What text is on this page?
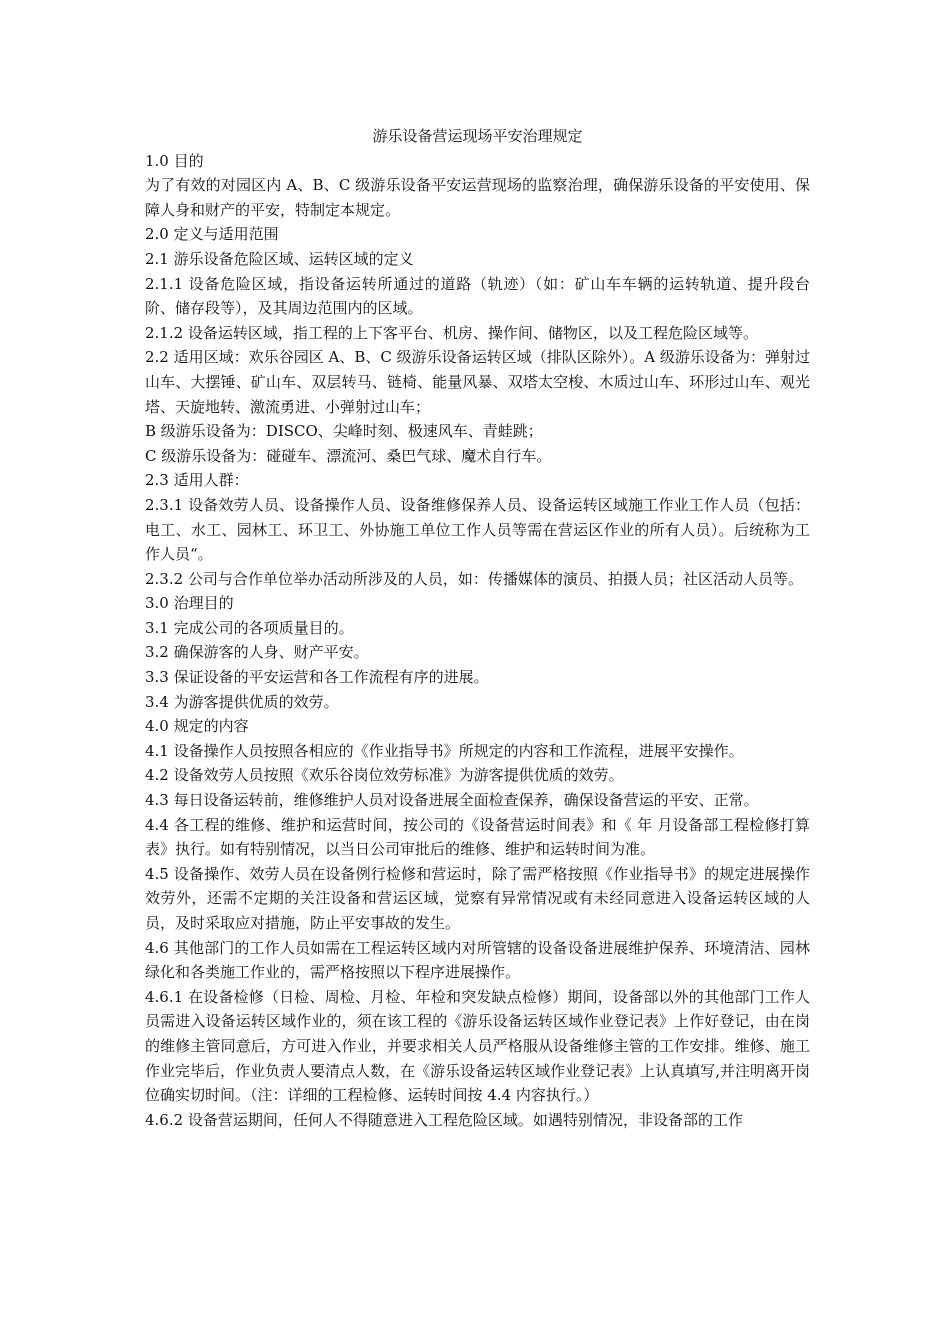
游乐设备营运现场平安治理规定

1.0 目的

为了有效的对园区内 A、B、C 级游乐设备平安运营现场的监察治理，确保游乐设备的平安使用、保障人身和财产的平安，特制定本规定。

2.0 定义与适用范围

2.1 游乐设备危险区域、运转区域的定义

2.1.1 设备危险区域，指设备运转所通过的道路（轨迹）（如：矿山车车辆的运转轨道、提升段台阶、储存段等），及其周边范围内的区域。

2.1.2 设备运转区域，指工程的上下客平台、机房、操作间、储物区，以及工程危险区域等。

2.2 适用区域：欢乐谷园区 A、B、C 级游乐设备运转区域（排队区除外）。A 级游乐设备为：弹射过山车、大摆锤、矿山车、双层转马、链椅、能量风暴、双塔太空梭、木质过山车、环形过山车、观光塔、天旋地转、激流勇进、小弹射过山车；

B 级游乐设备为：DISCO、尖峰时刻、极速风车、青蛙跳；

C 级游乐设备为：碰碰车、漂流河、桑巴气球、魔术自行车。

2.3 适用人群：

2.3.1 设备效劳人员、设备操作人员、设备维修保养人员、设备运转区域施工作业工作人员（包括：电工、水工、园林工、环卫工、外协施工单位工作人员等需在营运区作业的所有人员）。后统称为工作人员“。

2.3.2 公司与合作单位举办活动所涉及的人员，如：传播媒体的演员、拍摄人员；社区活动人员等。

3.0 治理目的

3.1 完成公司的各项质量目的。

3.2 确保游客的人身、财产平安。

3.3 保证设备的平安运营和各工作流程有序的进展。

3.4 为游客提供优质的效劳。

4.0 规定的内容

4.1 设备操作人员按照各相应的《作业指导书》所规定的内容和工作流程，进展平安操作。

4.2 设备效劳人员按照《欢乐谷岗位效劳标准》为游客提供优质的效劳。

4.3 每日设备运转前，维修维护人员对设备进展全面检查保养，确保设备营运的平安、正常。

4.4 各工程的维修、维护和运营时间，按公司的《设备营运时间表》和《 年 月设备部工程检修打算表》执行。如有特别情况，以当日公司审批后的维修、维护和运转时间为准。

4.5 设备操作、效劳人员在设备例行检修和营运时，除了需严格按照《作业指导书》的规定进展操作效劳外，还需不定期的关注设备和营运区域，觉察有异常情况或有未经同意进入设备运转区域的人员，及时采取应对措施，防止平安事故的发生。

4.6 其他部门的工作人员如需在工程运转区域内对所管辖的设备设备进展维护保养、环境清洁、园林绿化和各类施工作业的，需严格按照以下程序进展操作。

4.6.1 在设备检修（日检、周检、月检、年检和突发缺点检修）期间，设备部以外的其他部门工作人员需进入设备运转区域作业的，须在该工程的《游乐设备运转区域作业登记表》上作好登记，由在岗的维修主管同意后，方可进入作业，并要求相关人员严格服从设备维修主管的工作安排。维修、施工作业完毕后，作业负责人要清点人数，在《游乐设备运转区域作业登记表》上认真填写,并注明离开岗位确实切时间。（注：详细的工程检修、运转时间按 4.4 内容执行。）

4.6.2 设备营运期间，任何人不得随意进入工程危险区域。如遇特别情况，非设备部的工作
